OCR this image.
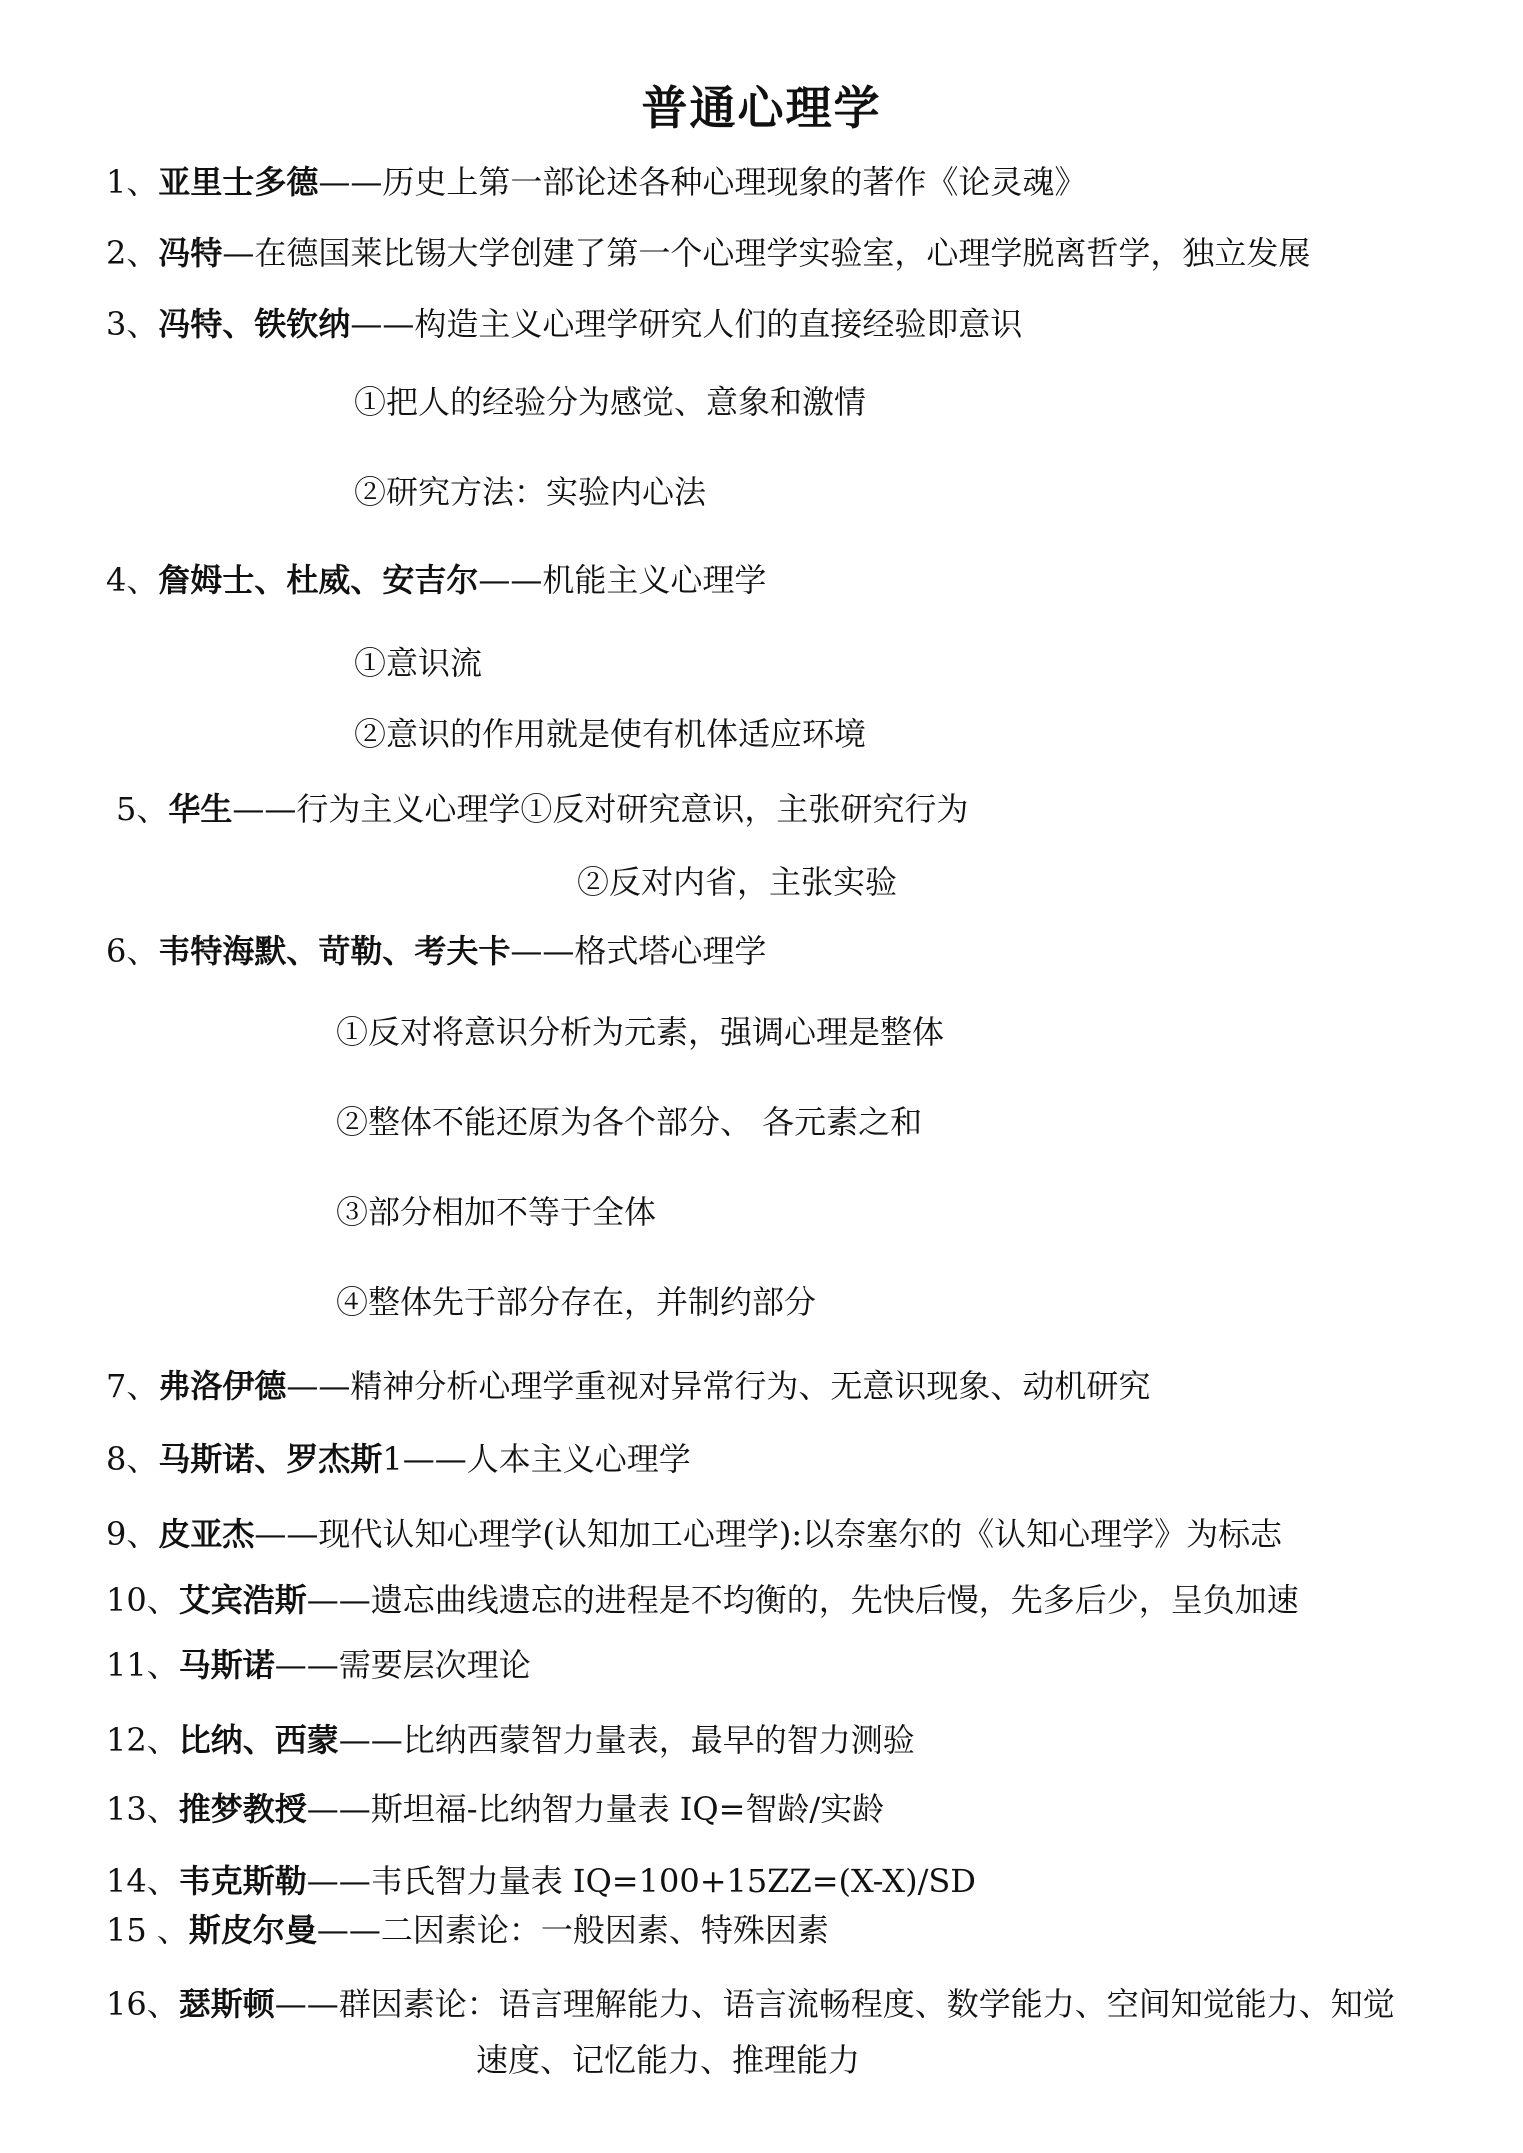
普通心理学
1、亚里士多德——历史上第一部论述各种心理现象的著作《论灵魂》
2、冯特—在德国莱比锡大学创建了第一个心理学实验室，心理学脱离哲学，独立发展
3、冯特、铁钦纳——构造主义心理学研究人们的直接经验即意识
①把人的经验分为感觉、意象和激情
②研究方法：实验内心法
4、詹姆士、杜威、安吉尔——机能主义心理学
①意识流
②意识的作用就是使有机体适应环境
5、华生——行为主义心理学①反对研究意识，主张研究行为
②反对内省，主张实验
6、韦特海默、苛勒、考夫卡——格式塔心理学
①反对将意识分析为元素，强调心理是整体
②整体不能还原为各个部分、 各元素之和
③部分相加不等于全体
④整体先于部分存在，并制约部分
7、弗洛伊德——精神分析心理学重视对异常行为、无意识现象、动机研究
8、马斯诺、罗杰斯1——人本主义心理学
9、皮亚杰——现代认知心理学(认知加工心理学):以奈塞尔的《认知心理学》为标志
10、艾宾浩斯——遗忘曲线遗忘的进程是不均衡的，先快后慢，先多后少，呈负加速
11、马斯诺——需要层次理论
12、比纳、西蒙——比纳西蒙智力量表，最早的智力测验
13、推梦教授——斯坦福-比纳智力量表 IQ=智龄/实龄
14、韦克斯勒——韦氏智力量表 IQ=100+15ZZ=(X-X)/SD
15 、斯皮尔曼——二因素论：一般因素、特殊因素
16、瑟斯顿——群因素论：语言理解能力、语言流畅程度、数学能力、空间知觉能力、知觉
速度、记忆能力、推理能力
